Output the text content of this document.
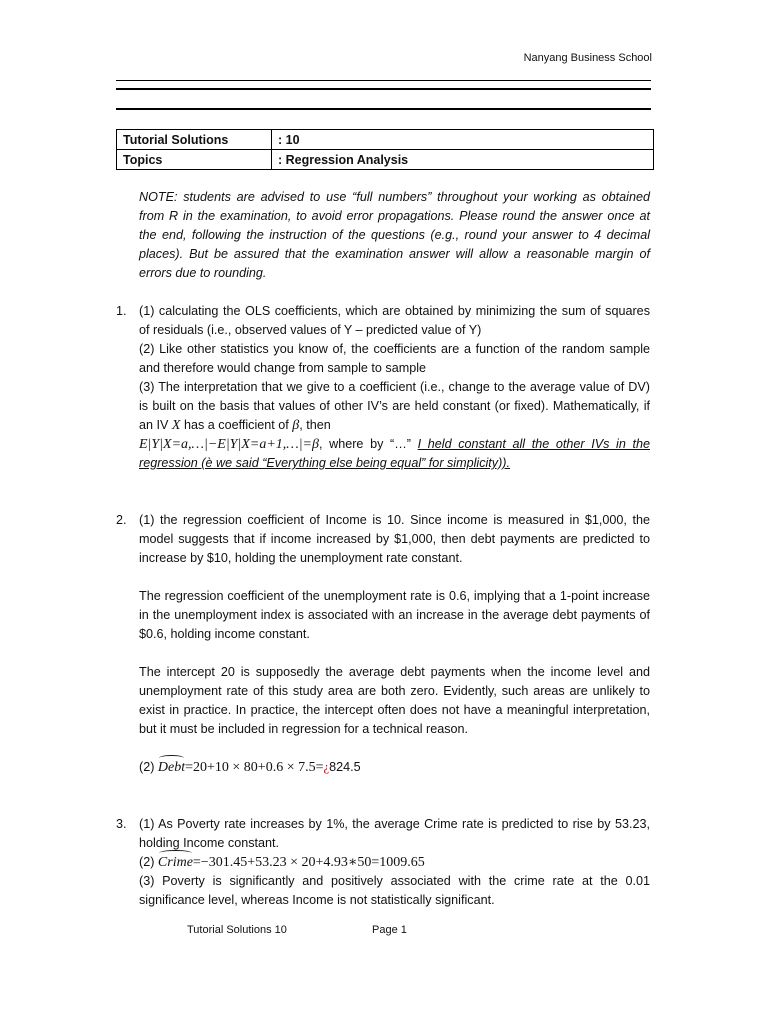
Nanyang Business School
Tutorial Solutions	: 10
Topics	: Regression Analysis

NOTE: students are advised to use “full numbers” throughout your working as obtained from R in the examination, to avoid error propagations. Please round the answer once at the end, following the instruction of the questions (e.g., round your answer to 4 decimal places). But be assured that the examination answer will allow a reasonable margin of errors due to rounding.

1. (1) calculating the OLS coefficients, which are obtained by minimizing the sum of squares of residuals (i.e., observed values of Y – predicted value of Y)

(2) Like other statistics you know of, the coefficients are a function of the random sample and therefore would change from sample to sample

(3) The interpretation that we give to a coefficient (i.e., change to the average value of DV) is built on the basis that values of other IV’s are held constant (or fixed). Mathematically, if an IV X has a coefficient of β, then

E|Y|X=a,…|−E|Y|X=a+1,…|=β, where by “…” I held constant all the other IVs in the regression (è we said “Everything else being equal” for simplicity)).

2. (1) the regression coefficient of Income is 10. Since income is measured in $1,000, the model suggests that if income increased by $1,000, then debt payments are predicted to increase by $10, holding the unemployment rate constant.

The regression coefficient of the unemployment rate is 0.6, implying that a 1-point increase in the unemployment index is associated with an increase in the average debt payments of $0.6, holding income constant.

The intercept 20 is supposedly the average debt payments when the income level and unemployment rate of this study area are both zero. Evidently, such areas are unlikely to exist in practice. In practice, the intercept often does not have a meaningful interpretation, but it must be included in regression for a technical reason.

(2) Debt=20+10 × 80+0.6 × 7.5=¿824.5

3. (1) As Poverty rate increases by 1%, the average Crime rate is predicted to rise by 53.23, holding Income constant.

(2) Crime=−301.45+53.23 × 20+4.93∗50=1009.65

(3) Poverty is significantly and positively associated with the crime rate at the 0.01 significance level, whereas Income is not statistically significant.

Tutorial Solutions 10	Page 1
